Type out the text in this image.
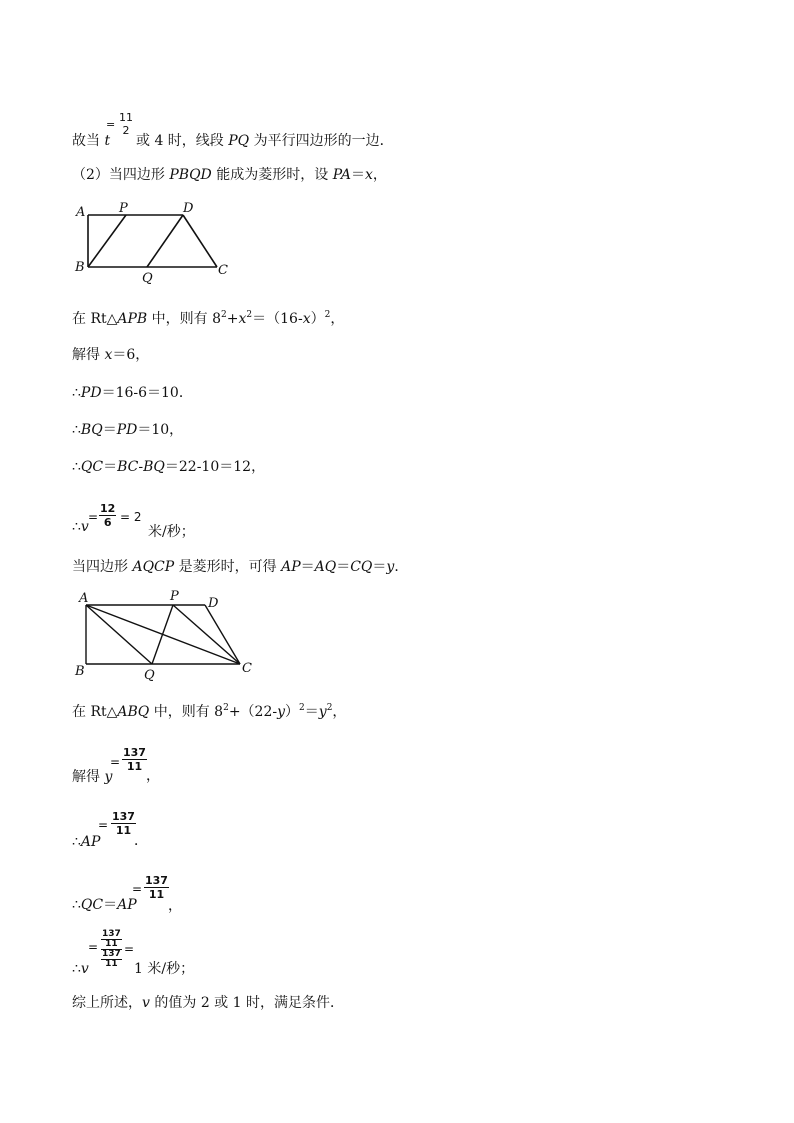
故当 t
=
11
2
或 4 时，线段 PQ 为平行四边形的一边．
（2）当四边形 PBQD 能成为菱形时，设 PA＝x，
A	P	D
B
Q
C
在 Rt△APB 中，则有 $8^2+x^2=(16-x)^2$，
解得 x＝6，
∴PD＝16-6＝10．
∴BQ＝PD＝10，
∴QC＝BC-BQ＝22-10＝12，
∴v
= $\frac{12}{6} = 2$
米/秒；
当四边形 AQCP 是菱形时，可得 AP＝AQ＝CQ＝y．
A	P D
B	Q	C
在 Rt△ABQ 中，则有 $8^2+(22-y)^2=y^2$，
解得 y
= $\frac{137}{11}$
，
∴AP
= $\frac{137}{11}$
．
∴QC＝AP
= $\frac{137}{11}$
，
∴v
=
137
11
137
11
=
1 米/秒；
综上所述，v 的值为 2 或 1 时，满足条件．
